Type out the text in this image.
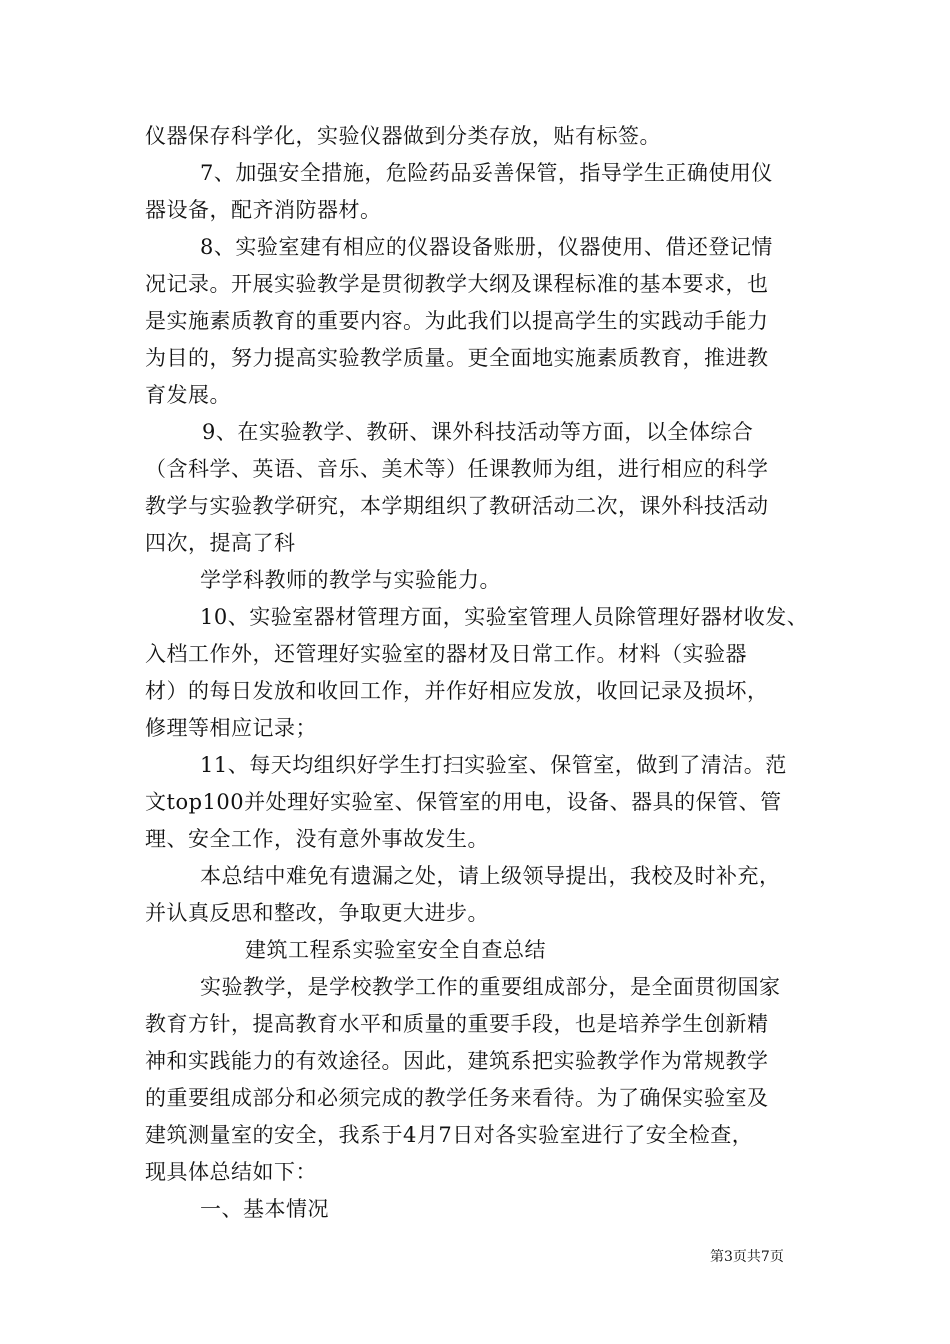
仪器保存科学化，实验仪器做到分类存放，贴有标签。
7、加强安全措施，危险药品妥善保管，指导学生正确使用仪
器设备，配齐消防器材。
8、实验室建有相应的仪器设备账册，仪器使用、借还登记情
况记录。开展实验教学是贯彻教学大纲及课程标准的基本要求，也
是实施素质教育的重要内容。为此我们以提高学生的实践动手能力
为目的，努力提高实验教学质量。更全面地实施素质教育，推进教
育发展。
9、在实验教学、教研、课外科技活动等方面，以全体综合
（含科学、英语、音乐、美术等）任课教师为组，进行相应的科学
教学与实验教学研究，本学期组织了教研活动二次，课外科技活动
四次，提高了科
学学科教师的教学与实验能力。
10、实验室器材管理方面，实验室管理人员除管理好器材收发、
入档工作外，还管理好实验室的器材及日常工作。材料（实验器
材）的每日发放和收回工作，并作好相应发放，收回记录及损坏，
修理等相应记录；
11、每天均组织好学生打扫实验室、保管室，做到了清洁。范
文top100并处理好实验室、保管室的用电，设备、器具的保管、管
理、安全工作，没有意外事故发生。
本总结中难免有遗漏之处，请上级领导提出，我校及时补充，
并认真反思和整改，争取更大进步。
建筑工程系实验室安全自查总结
实验教学，是学校教学工作的重要组成部分，是全面贯彻国家
教育方针，提高教育水平和质量的重要手段，也是培养学生创新精
神和实践能力的有效途径。因此，建筑系把实验教学作为常规教学
的重要组成部分和必须完成的教学任务来看待。为了确保实验室及
建筑测量室的安全，我系于4月7日对各实验室进行了安全检查，
现具体总结如下：
一、基本情况
第3页共7页
